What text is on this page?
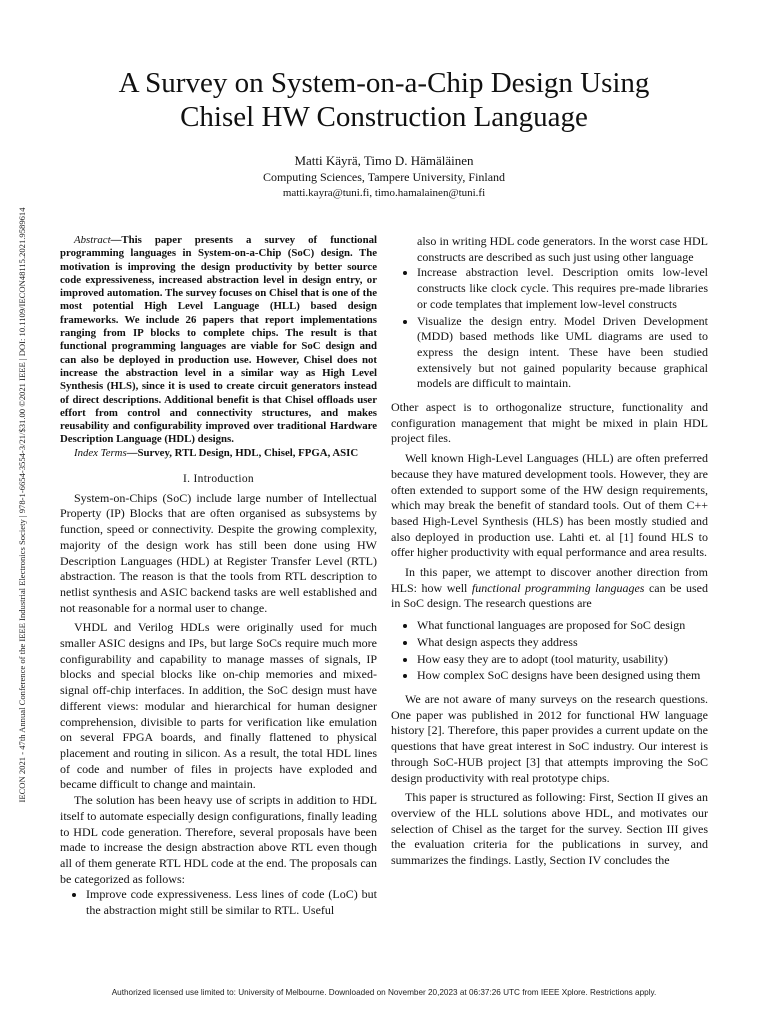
IECON 2021 - 47th Annual Conference of the IEEE Industrial Electronics Society | 978-1-6654-3554-3/21/$31.00 ©2021 IEEE | DOI: 10.1109/IECON48115.2021.9589614
A Survey on System-on-a-Chip Design Using
Chisel HW Construction Language
Matti Käyrä, Timo D. Hämäläinen
Computing Sciences, Tampere University, Finland
matti.kayra@tuni.fi, timo.hamalainen@tuni.fi

Abstract—This paper presents a survey of functional programming languages in System-on-a-Chip (SoC) design. The motivation is improving the design productivity by better source code expressiveness, increased abstraction level in design entry, or improved automation. The survey focuses on Chisel that is one of the most potential High Level Language (HLL) based design frameworks. We include 26 papers that report implementations ranging from IP blocks to complete chips. The result is that functional programming languages are viable for SoC design and can also be deployed in production use. However, Chisel does not increase the abstraction level in a similar way as High Level Synthesis (HLS), since it is used to create circuit generators instead of direct descriptions. Additional benefit is that Chisel offloads user effort from control and connectivity structures, and makes reusability and configurability improved over traditional Hardware Description Language (HDL) designs.

Index Terms—Survey, RTL Design, HDL, Chisel, FPGA, ASIC

I. Introduction

System-on-Chips (SoC) include large number of Intellectual Property (IP) Blocks that are often organised as subsystems by function, speed or connectivity. Despite the growing complexity, majority of the design work has still been done using HW Description Languages (HDL) at Register Transfer Level (RTL) abstraction. The reason is that the tools from RTL description to netlist synthesis and ASIC backend tasks are well established and not reasonable for a normal user to change.

VHDL and Verilog HDLs were originally used for much smaller ASIC designs and IPs, but large SoCs require much more configurability and capability to manage masses of signals, IP blocks and special blocks like on-chip memories and mixed-signal off-chip interfaces. In addition, the SoC design must have different views: modular and hierarchical for human designer comprehension, divisible to parts for verification like emulation on several FPGA boards, and finally flattened to physical placement and routing in silicon. As a result, the total HDL lines of code and number of files in projects have exploded and became difficult to change and maintain.

The solution has been heavy use of scripts in addition to HDL itself to automate especially design configurations, finally leading to HDL code generation. Therefore, several proposals have been made to increase the design abstraction above RTL even though all of them generate RTL HDL code at the end. The proposals can be categorized as follows:

• Improve code expressiveness. Less lines of code (LoC) but the abstraction might still be similar to RTL. Useful

also in writing HDL code generators. In the worst case HDL constructs are described as such just using other language

• Increase abstraction level. Description omits low-level constructs like clock cycle. This requires pre-made libraries or code templates that implement low-level constructs
• Visualize the design entry. Model Driven Development (MDD) based methods like UML diagrams are used to express the design intent. These have been studied extensively but not gained popularity because graphical models are difficult to maintain.

Other aspect is to orthogonalize structure, functionality and configuration management that might be mixed in plain HDL project files.

Well known High-Level Languages (HLL) are often preferred because they have matured development tools. However, they are often extended to support some of the HW design requirements, which may break the benefit of standard tools. Out of them C++ based High-Level Synthesis (HLS) has been mostly studied and also deployed in production use. Lahti et. al [1] found HLS to offer higher productivity with equal performance and area results.

In this paper, we attempt to discover another direction from HLS: how well functional programming languages can be used in SoC design. The research questions are

• What functional languages are proposed for SoC design
• What design aspects they address
• How easy they are to adopt (tool maturity, usability)
• How complex SoC designs have been designed using them

We are not aware of many surveys on the research questions. One paper was published in 2012 for functional HW language history [2]. Therefore, this paper provides a current update on the questions that have great interest in SoC industry. Our interest is through SoC-HUB project [3] that attempts improving the SoC design productivity with real prototype chips.

This paper is structured as following: First, Section II gives an overview of the HLL solutions above HDL, and motivates our selection of Chisel as the target for the survey. Section III gives the evaluation criteria for the publications in survey, and summarizes the findings. Lastly, Section IV concludes the

Authorized licensed use limited to: University of Melbourne. Downloaded on November 20,2023 at 06:37:26 UTC from IEEE Xplore. Restrictions apply.
